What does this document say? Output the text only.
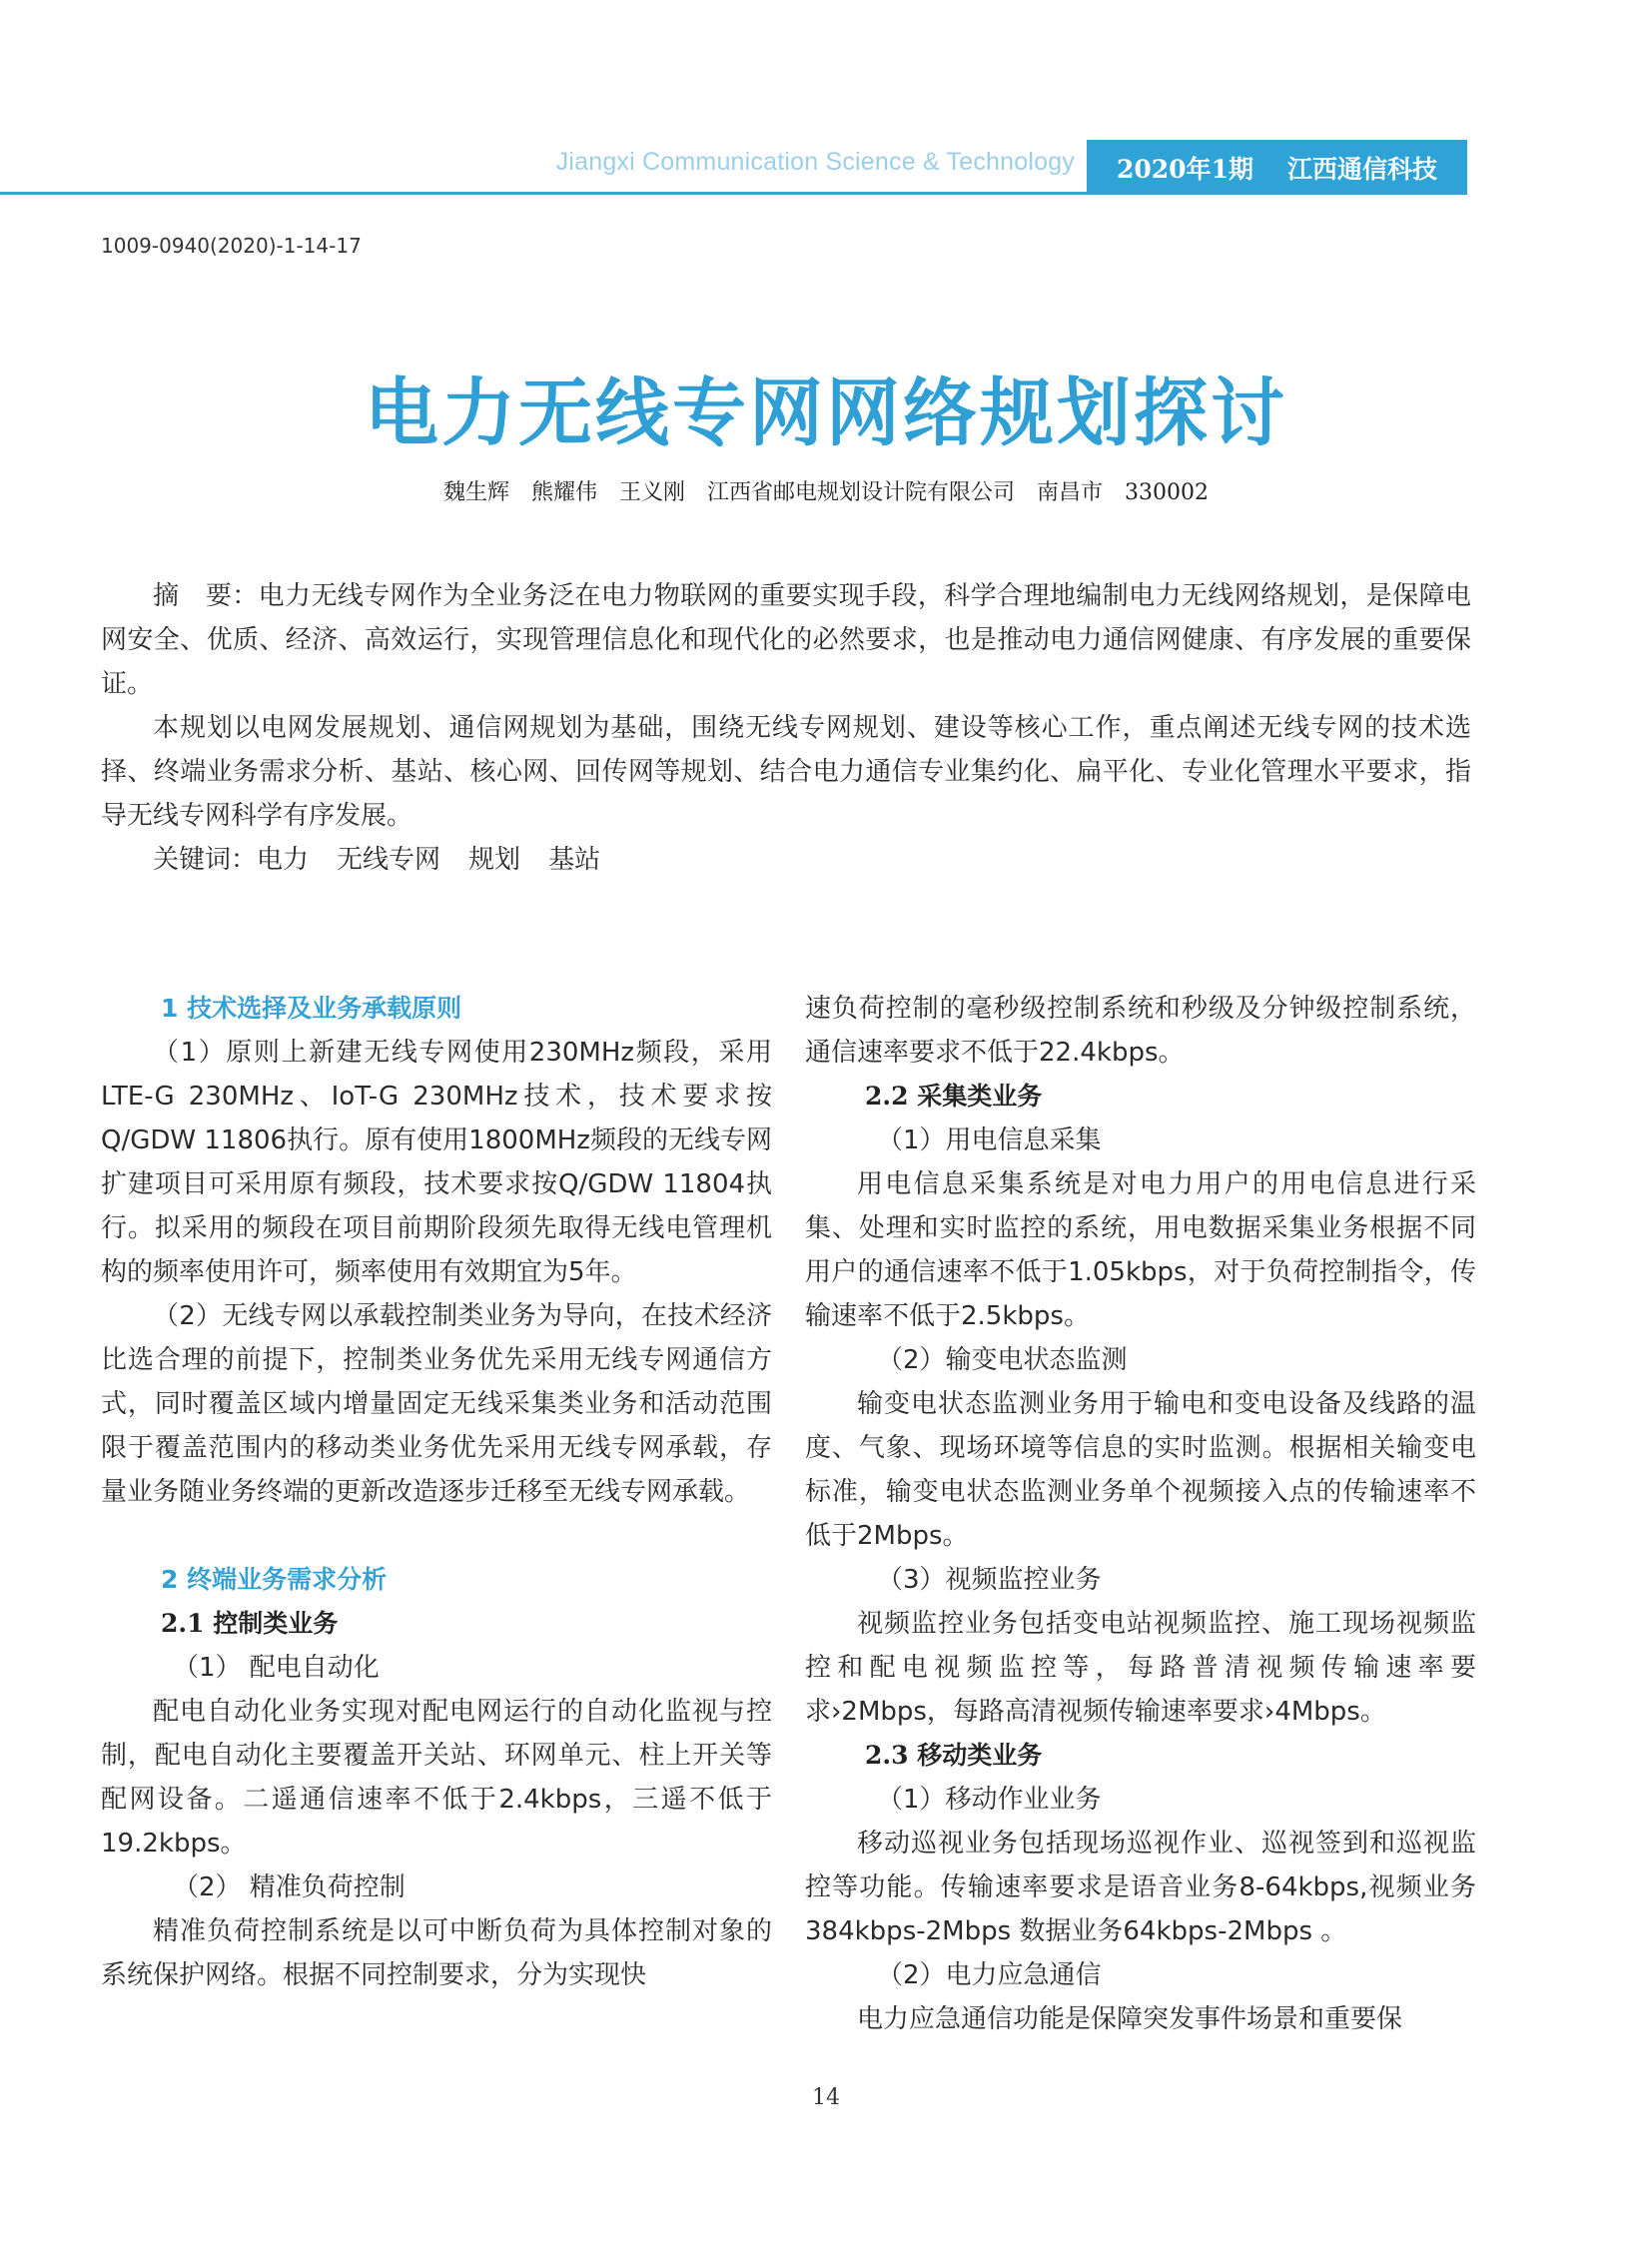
Jiangxi Communication Science & Technology 2020年1期 江西通信科技
1009-0940(2020)-1-14-17
电力无线专网网络规划探讨
魏生辉　熊耀伟　王义刚　江西省邮电规划设计院有限公司　南昌市　330002

摘　要：电力无线专网作为全业务泛在电力物联网的重要实现手段，科学合理地编制电力无线网络规划，是保障电网安全、优质、经济、高效运行，实现管理信息化和现代化的必然要求，也是推动电力通信网健康、有序发展的重要保证。

本规划以电网发展规划、通信网规划为基础，围绕无线专网规划、建设等核心工作，重点阐述无线专网的技术选择、终端业务需求分析、基站、核心网、回传网等规划、结合电力通信专业集约化、扁平化、专业化管理水平要求，指导无线专网科学有序发展。

关键词：电力 无线专网 规划 基站

1 技术选择及业务承载原则

（1）原则上新建无线专网使用230MHz频段，采用LTE-G 230MHz、IoT-G 230MHz技术，技术要求按Q/GDW 11806执行。原有使用1800MHz频段的无线专网扩建项目可采用原有频段，技术要求按Q/GDW 11804执行。拟采用的频段在项目前期阶段须先取得无线电管理机构的频率使用许可，频率使用有效期宜为5年。

（2）无线专网以承载控制类业务为导向，在技术经济比选合理的前提下，控制类业务优先采用无线专网通信方式，同时覆盖区域内增量固定无线采集类业务和活动范围限于覆盖范围内的移动类业务优先采用无线专网承载，存量业务随业务终端的更新改造逐步迁移至无线专网承载。

2 终端业务需求分析

2.1 控制类业务

（1） 配电自动化

配电自动化业务实现对配电网运行的自动化监视与控制，配电自动化主要覆盖开关站、环网单元、柱上开关等配网设备。二遥通信速率不低于2.4kbps，三遥不低于19.2kbps。

（2） 精准负荷控制

精准负荷控制系统是以可中断负荷为具体控制对象的系统保护网络。根据不同控制要求，分为实现快

速负荷控制的毫秒级控制系统和秒级及分钟级控制系统，通信速率要求不低于22.4kbps。

2.2 采集类业务

（1）用电信息采集

用电信息采集系统是对电力用户的用电信息进行采集、处理和实时监控的系统，用电数据采集业务根据不同用户的通信速率不低于1.05kbps，对于负荷控制指令，传输速率不低于2.5kbps。

（2）输变电状态监测

输变电状态监测业务用于输电和变电设备及线路的温度、气象、现场环境等信息的实时监测。根据相关输变电标准，输变电状态监测业务单个视频接入点的传输速率不低于2Mbps。

（3）视频监控业务

视频监控业务包括变电站视频监控、施工现场视频监控和配电视频监控等，每路普清视频传输速率要求›2Mbps，每路高清视频传输速率要求›4Mbps。

2.3 移动类业务

（1）移动作业业务

移动巡视业务包括现场巡视作业、巡视签到和巡视监控等功能。传输速率要求是语音业务8-64kbps,视频业务384kbps-2Mbps 数据业务64kbps-2Mbps 。

（2）电力应急通信

电力应急通信功能是保障突发事件场景和重要保

14
